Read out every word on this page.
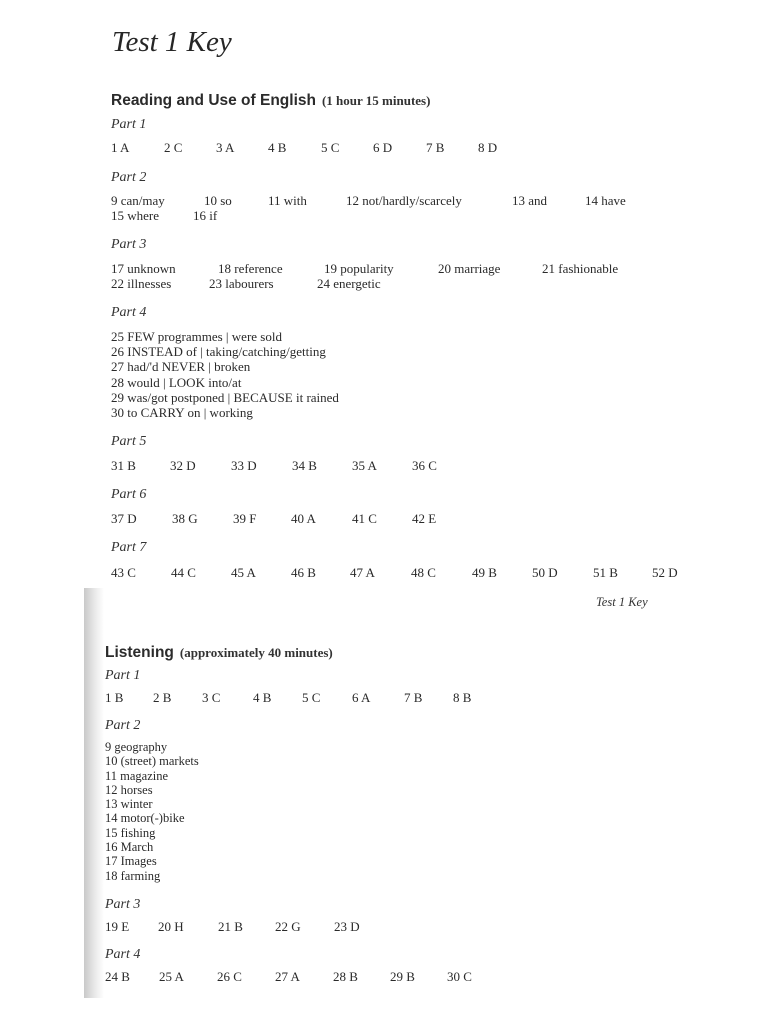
Test 1 Key
Reading and Use of English (1 hour 15 minutes)
Part 1
1 A	2 C	3 A	4 B	5 C	6 D	7 B	8 D
Part 2
9 can/may	10 so	11 with	12 not/hardly/scarcely	13 and	14 have
15 where	16 if
Part 3
17 unknown	18 reference	19 popularity	20 marriage	21 fashionable
22 illnesses	23 labourers	24 energetic
Part 4
25 FEW programmes | were sold
26 INSTEAD of | taking/catching/getting
27 had/'d NEVER | broken
28 would | LOOK into/at
29 was/got postponed | BECAUSE it rained
30 to CARRY on | working
Part 5
31 B	32 D	33 D	34 B	35 A	36 C
Part 6
37 D	38 G	39 F	40 A	41 C	42 E
Part 7
43 C	44 C	45 A	46 B	47 A	48 C	49 B	50 D	51 B	52 D
Test 1 Key
Listening (approximately 40 minutes)
Part 1
1 B 2 B 3 C	4 B 5 C 6 A	7 B 8 B
Part 2
9 geography
10 (street) markets
11 magazine
12 horses
13 winter
14 motor(-)bike
15 fishing
16 March
17 Images
18 farming
Part 3
19 E 20 H	21 B 22 G	23 D
Part 4
24 B 25 A	26 C	27 A	28 B 29 B 30 C
